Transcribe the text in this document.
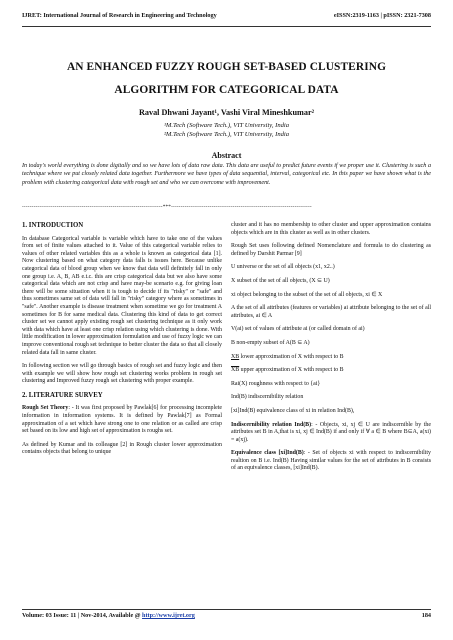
IJRET: International Journal of Research in Engineering and Technology	eISSN:2319-1163 | pISSN: 2321-7308
AN ENHANCED FUZZY ROUGH SET-BASED CLUSTERING
ALGORITHM FOR CATEGORICAL DATA
Raval Dhwani Jayant¹, Vashi Viral Mineshkumar²
¹M.Tech (Software Tech.), VIT University, India
²M.Tech (Software Tech.), VIT University, India
Abstract
In today's world everything is done digitally and so we have lots of data raw data. This data are useful to predict future events if we proper use it. Clustering is such a technique where we put closely related data together. Furthermore we have types of data sequential, interval, categorical etc. In this paper we have shown what is the problem with clustering categorical data with rough set and who we can overcome with improvement.
-------------------------------------------------------------------------***-------------------------------------------------------------------------
1. INTRODUCTION

In database Categorical variable is variable which have to take one of the values from set of finite values attached to it. Value of this categorical variable relies to values of other related variables this as a whole is known as categorical data [1]. Now clustering based on what category data falls is issues here. Because unlike categorical data of blood group when we know that data will definitely fall in only one group i.e. A, B, AB e.t.c. this are crisp categorical data but we also have some categorical data which are not crisp and have may-be scenario e.g. for giving loan there will be some situation when it is tough to decide if its "risky" or "safe" and thus sometimes same set of data will fall in "risky" category where as sometimes in "safe". Another example is disease treatment when sometime we go for treatment A sometimes for B for same medical data. Clustering this kind of data to get correct cluster set we cannot apply existing rough set clustering technique as it only work with data which have at least one crisp relation using which clustering is done. With little modification in lower approximation formulation and use of fuzzy logic we can improve conventional rough set technique to better cluster the data so that all closely related data fall in same cluster.

In following section we will go through basics of rough set and fuzzy logic and then with example we will show how rough set clustering works problem in rough set clustering and Improved fuzzy rough set clustering with proper example.

2. LITERATURE SURVEY

Rough Set Theory: - It was first proposed by Pawlak[6] for processing incomplete information in information systems. It is defined by Pawlak[7] as Formal approximation of a set which have strong one to one relation or as called are crisp set based on its low and high set of approximation is roughs set.

As defined by Kumar and its colleague [2] in Rough cluster lower approximation contains objects that belong to unique

cluster and it has no membership to other cluster and upper approximation contains objects which are in this cluster as well as in other clusters.

Rough Set uses following defined Nomenclature and formula to do clustering as defined by Darshit Parmar [9]

U universe or the set of all objects (x1, x2..)

X subset of the set of all objects, (X ⊆ U)

xi object belonging to the subset of the set of all objects, xi ∈ X

A the set of all attributes (features or variables) ai attribute belonging to the set of all attributes, ai ∈ A

V(ai) set of values of attribute ai (or called domain of ai)

B non-empty subset of A(B ⊆ A)

XB lower approximation of X with respect to B

$\overline{XB}$ upper approximation of X with respect to B

Rai(X) roughness with respect to {ai}

Ind(B) indiscernibility relation

[xi]Ind(B) equivalence class of xi in relation Ind(B),

Indiscernibility relation Ind(B): - Objects, xi, xj ∈ U are indiscernible by the attributes set B in A,that is xi, xj ∈ Ind(B) if and only if ∀ a ∈ B where B⊆A, a(xi) = a(xj).

Equivalence class [xi]Ind(B): - Set of objects xi with respect to indiscernibility realtion on B i.e. Ind(B) Having similar values for the set of attributes in B consists of an equivalence classes, [xi]Ind(B).

Volume: 03 Issue: 11 | Nov-2014, Available @ http://www.ijret.org	184
